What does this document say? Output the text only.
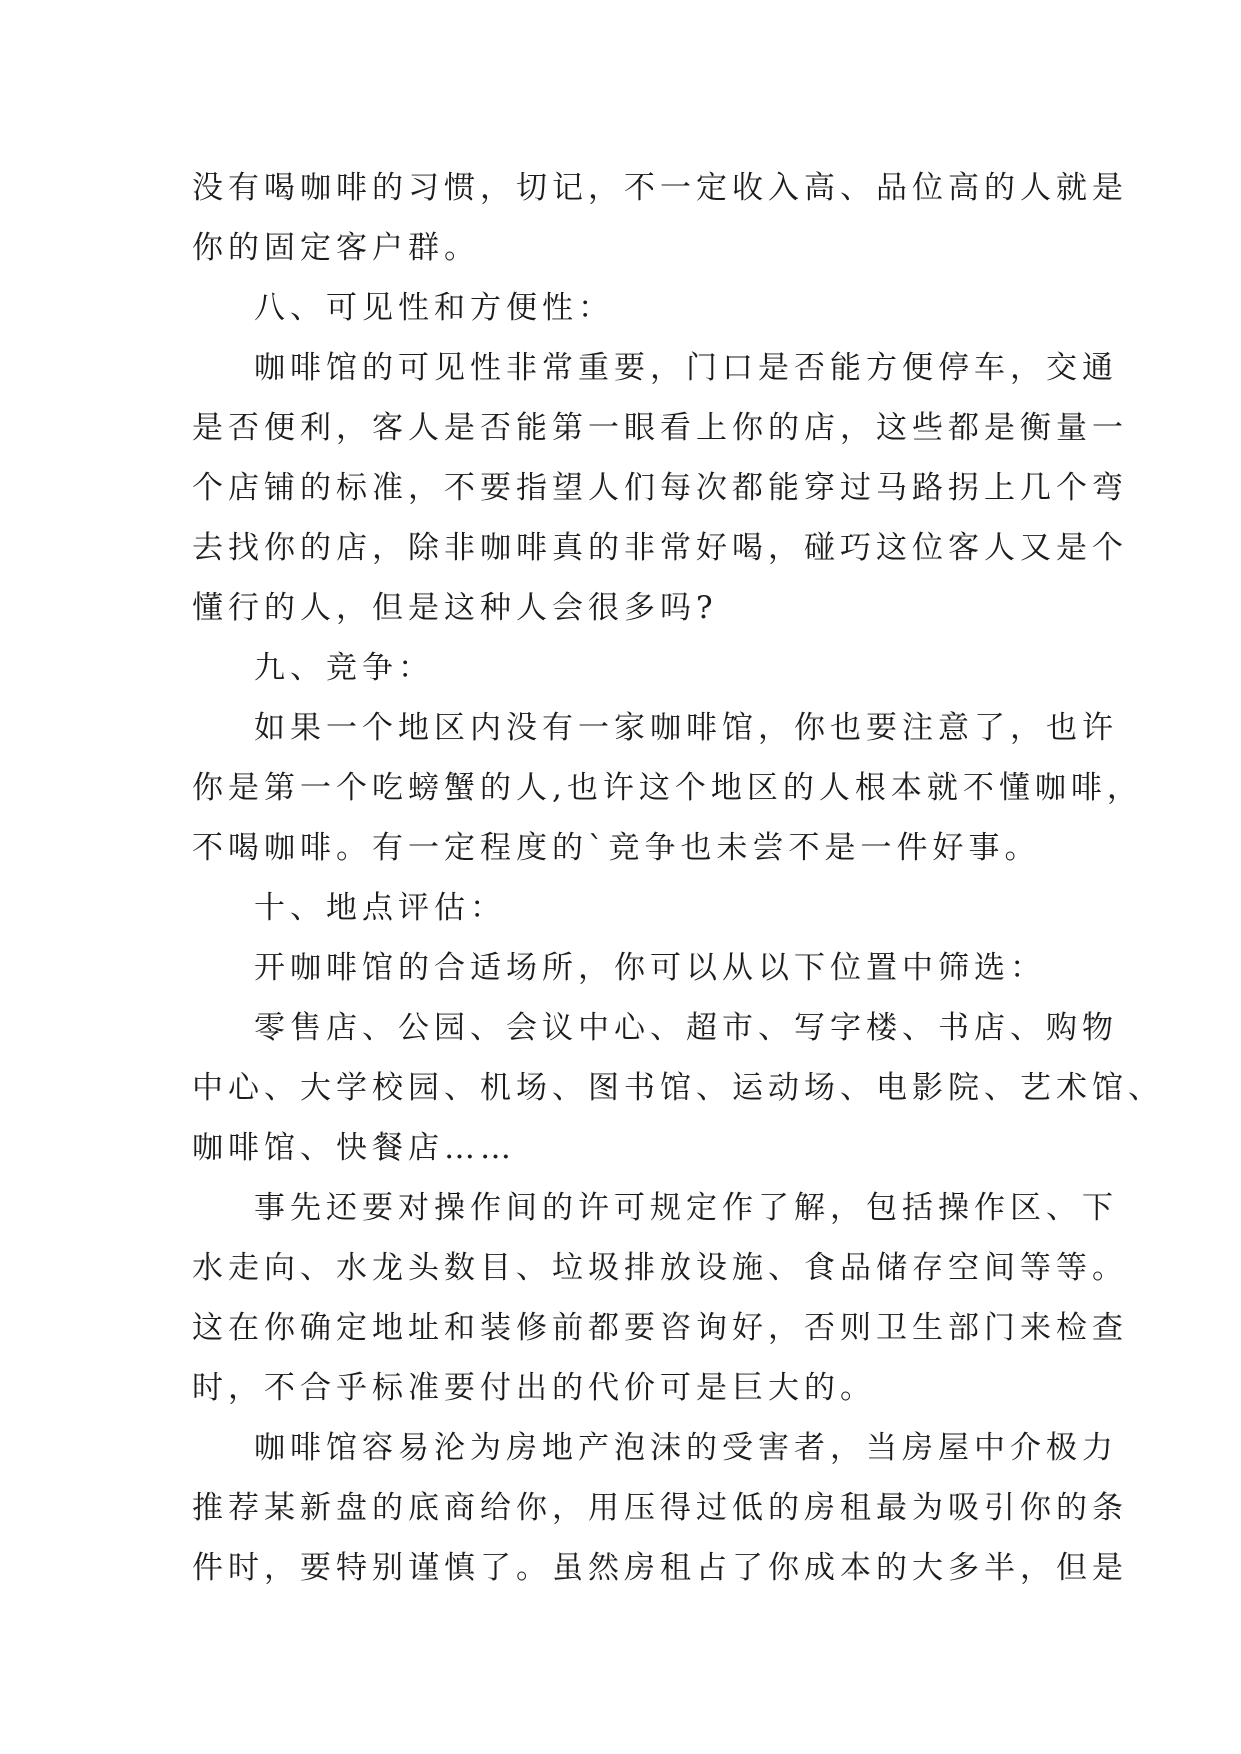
没有喝咖啡的习惯，切记，不一定收入高、品位高的人就是
你的固定客户群。
八、可见性和方便性：
咖啡馆的可见性非常重要，门口是否能方便停车，交通
是否便利，客人是否能第一眼看上你的店，这些都是衡量一
个店铺的标准，不要指望人们每次都能穿过马路拐上几个弯
去找你的店，除非咖啡真的非常好喝，碰巧这位客人又是个
懂行的人，但是这种人会很多吗?
九、竞争：
如果一个地区内没有一家咖啡馆，你也要注意了，也许
你是第一个吃螃蟹的人,也许这个地区的人根本就不懂咖啡，
不喝咖啡。有一定程度的`竞争也未尝不是一件好事。
十、地点评估：
开咖啡馆的合适场所，你可以从以下位置中筛选：
零售店、公园、会议中心、超市、写字楼、书店、购物
中心、大学校园、机场、图书馆、运动场、电影院、艺术馆、
咖啡馆、快餐店……
事先还要对操作间的许可规定作了解，包括操作区、下
水走向、水龙头数目、垃圾排放设施、食品储存空间等等。
这在你确定地址和装修前都要咨询好，否则卫生部门来检查
时，不合乎标准要付出的代价可是巨大的。
咖啡馆容易沦为房地产泡沫的受害者，当房屋中介极力
推荐某新盘的底商给你，用压得过低的房租最为吸引你的条
件时，要特别谨慎了。虽然房租占了你成本的大多半，但是
